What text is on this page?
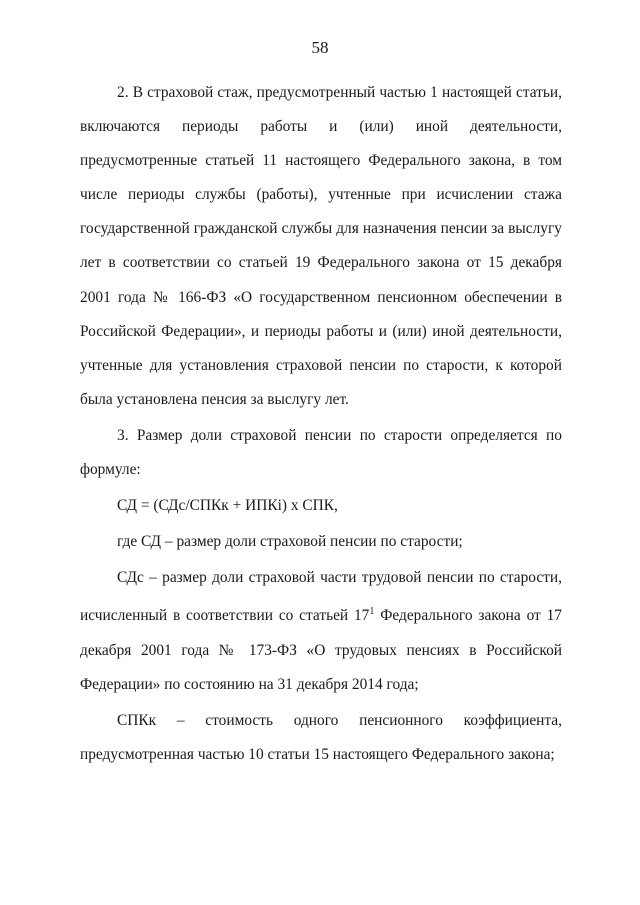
58

2. В страховой стаж, предусмотренный частью 1 настоящей статьи, включаются периоды работы и (или) иной деятельности, предусмотренные статьей 11 настоящего Федерального закона, в том числе периоды службы (работы), учтенные при исчислении стажа государственной гражданской службы для назначения пенсии за выслугу лет в соответствии со статьей 19 Федерального закона от 15 декабря 2001 года № 166-ФЗ «О государственном пенсионном обеспечении в Российской Федерации», и периоды работы и (или) иной деятельности, учтенные для установления страховой пенсии по старости, к которой была установлена пенсия за выслугу лет.

3. Размер доли страховой пенсии по старости определяется по формуле:

СД = (СДс/СПКк + ИПКi) х СПК,

где СД – размер доли страховой пенсии по старости;

СДс – размер доли страховой части трудовой пенсии по старости, исчисленный в соответствии со статьей $17^1$ Федерального закона от 17 декабря 2001 года № 173-ФЗ «О трудовых пенсиях в Российской Федерации» по состоянию на 31 декабря 2014 года;

СПКк – стоимость одного пенсионного коэффициента, предусмотренная частью 10 статьи 15 настоящего Федерального закона;
